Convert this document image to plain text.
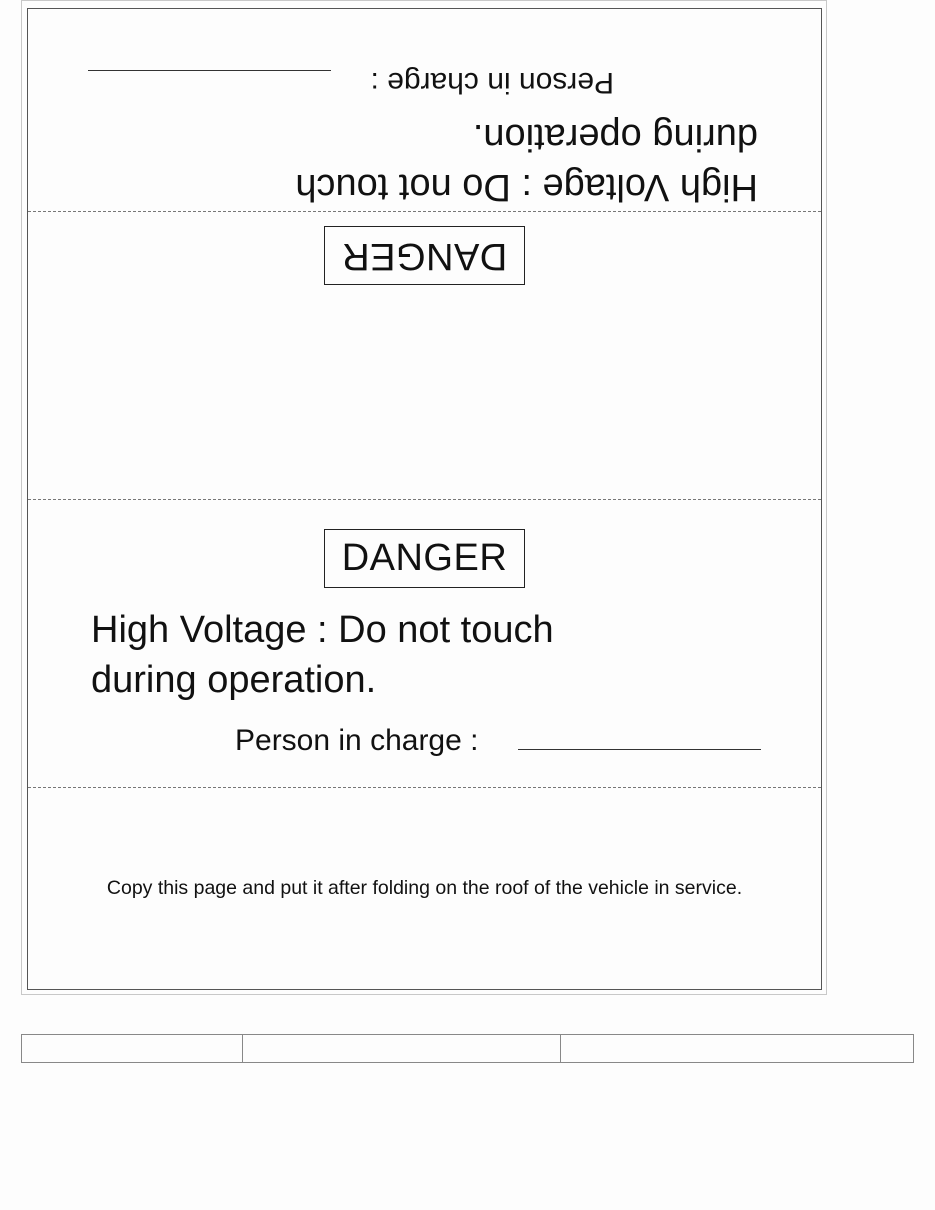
DANGER
High Voltage : Do not touch during operation.
Person in charge :
DANGER
High Voltage : Do not touch during operation.
Person in charge :
Copy this page and put it after folding on the roof of the vehicle in service.
